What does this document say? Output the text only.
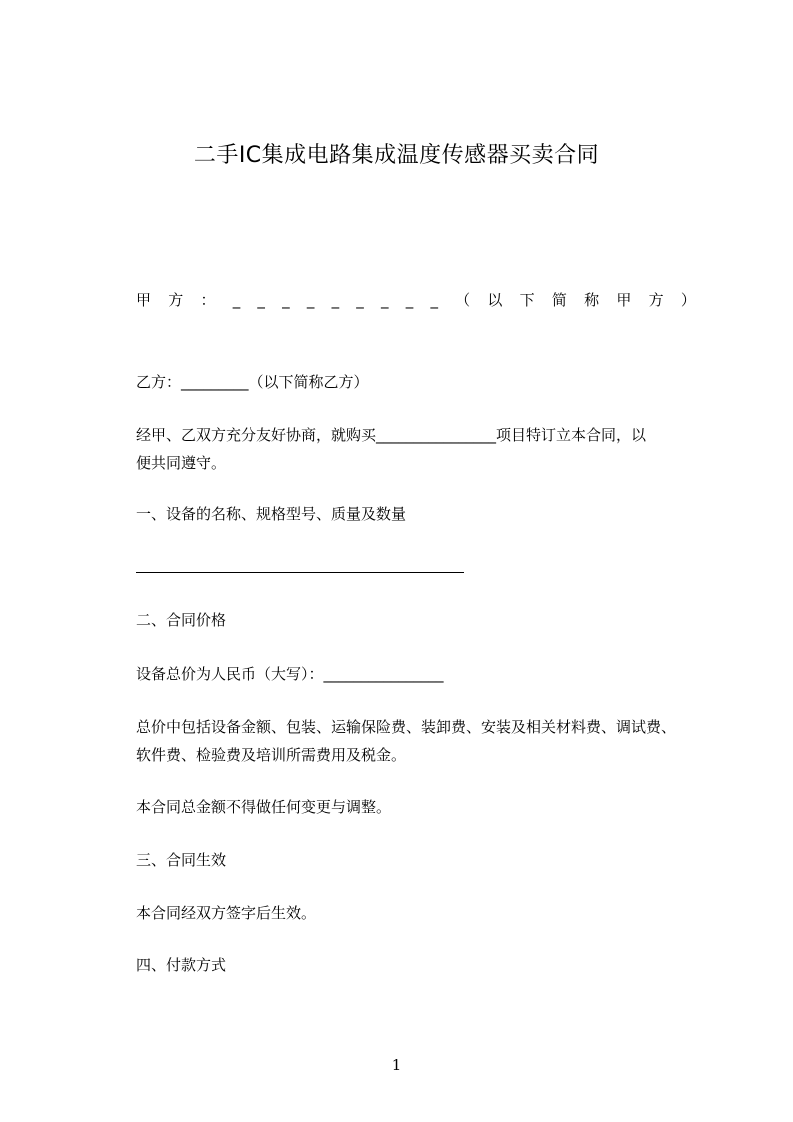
二手IC集成电路集成温度传感器买卖合同
甲 方 ： _ _ _ _ _ _ _ _ _ （ 以 下 简 称 甲 方 ）
乙方：_________（以下简称乙方）
经甲、乙双方充分友好协商，就购买________________项目特订立本合同，以
便共同遵守。
一、设备的名称、规格型号、质量及数量
二、合同价格
设备总价为人民币（大写）：________________
总价中包括设备金额、包装、运输保险费、装卸费、安装及相关材料费、调试费、
软件费、检验费及培训所需费用及税金。
本合同总金额不得做任何变更与调整。
三、合同生效
本合同经双方签字后生效。
四、付款方式
1
